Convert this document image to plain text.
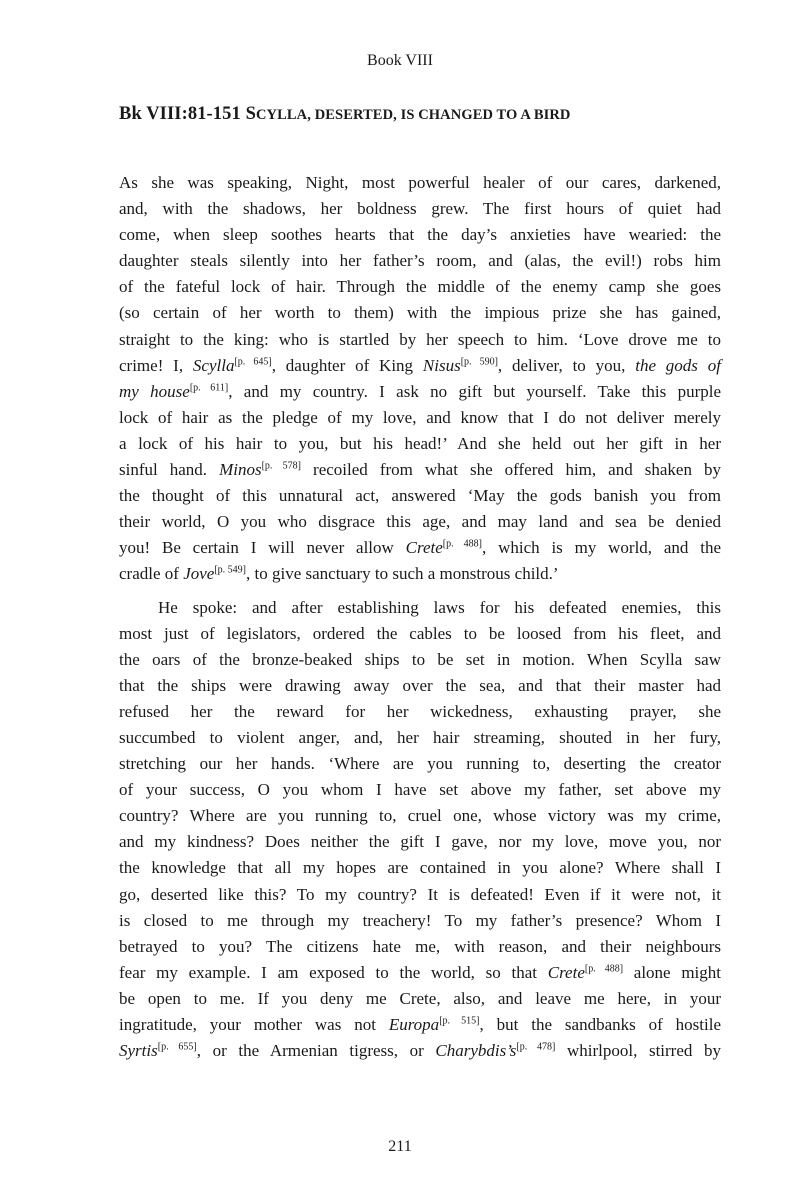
Book VIII
Bk VIII:81-151 SCYLLA, DESERTED, IS CHANGED TO A BIRD
As she was speaking, Night, most powerful healer of our cares, darkened,
and, with the shadows, her boldness grew. The first hours of quiet had
come, when sleep soothes hearts that the day’s anxieties have wearied: the
daughter steals silently into her father’s room, and (alas, the evil!) robs him
of the fateful lock of hair. Through the middle of the enemy camp she goes
(so certain of her worth to them) with the impious prize she has gained,
straight to the king: who is startled by her speech to him. ‘Love drove me to
crime! I, Scylla[p. 645], daughter of King Nisus[p. 590], deliver, to you, the gods of
my house[p. 611], and my country. I ask no gift but yourself. Take this purple
lock of hair as the pledge of my love, and know that I do not deliver merely
a lock of his hair to you, but his head!’ And she held out her gift in her
sinful hand. Minos[p. 578] recoiled from what she offered him, and shaken by
the thought of this unnatural act, answered ‘May the gods banish you from
their world, O you who disgrace this age, and may land and sea be denied
you! Be certain I will never allow Crete[p. 488], which is my world, and the
cradle of Jove[p. 549], to give sanctuary to such a monstrous child.’
He spoke: and after establishing laws for his defeated enemies, this
most just of legislators, ordered the cables to be loosed from his fleet, and
the oars of the bronze-beaked ships to be set in motion. When Scylla saw
that the ships were drawing away over the sea, and that their master had
refused her the reward for her wickedness, exhausting prayer, she
succumbed to violent anger, and, her hair streaming, shouted in her fury,
stretching our her hands. ‘Where are you running to, deserting the creator
of your success, O you whom I have set above my father, set above my
country? Where are you running to, cruel one, whose victory was my crime,
and my kindness? Does neither the gift I gave, nor my love, move you, nor
the knowledge that all my hopes are contained in you alone? Where shall I
go, deserted like this? To my country? It is defeated! Even if it were not, it
is closed to me through my treachery! To my father’s presence? Whom I
betrayed to you? The citizens hate me, with reason, and their neighbours
fear my example. I am exposed to the world, so that Crete[p. 488] alone might
be open to me. If you deny me Crete, also, and leave me here, in your
ingratitude, your mother was not Europa[p. 515], but the sandbanks of hostile
Syrtis[p. 655], or the Armenian tigress, or Charybdis’s[p. 478] whirlpool, stirred by
211
